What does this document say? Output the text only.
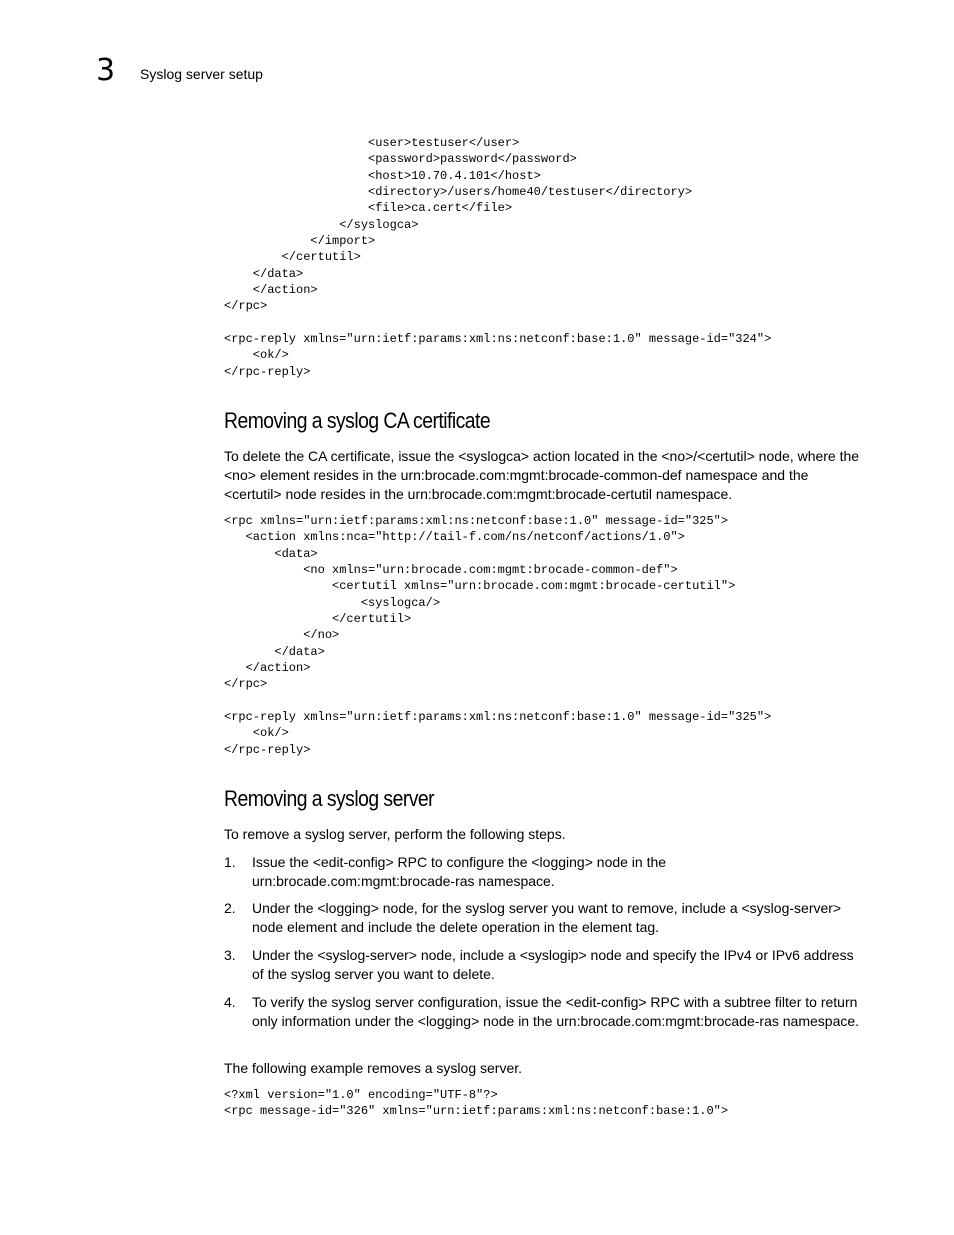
3 Syslog server setup
<user>testuser</user>
<password>password</password>
<host>10.70.4.101</host>
<directory>/users/home40/testuser</directory>
<file>ca.cert</file>
</syslogca>
</import>
</certutil>
</data>
</action>
</rpc>

<rpc-reply xmlns="urn:ietf:params:xml:ns:netconf:base:1.0" message-id="324">
<ok/>
</rpc-reply>
Removing a syslog CA certificate

To delete the CA certificate, issue the <syslogca> action located in the <no>/<certutil> node, where the <no> element resides in the urn:brocade.com:mgmt:brocade-common-def namespace and the <certutil> node resides in the urn:brocade.com:mgmt:brocade-certutil namespace.

<rpc xmlns="urn:ietf:params:xml:ns:netconf:base:1.0" message-id="325">
<action xmlns:nca="http://tail-f.com/ns/netconf/actions/1.0">
<data>
<no xmlns="urn:brocade.com:mgmt:brocade-common-def">
<certutil xmlns="urn:brocade.com:mgmt:brocade-certutil">
<syslogca/>
</certutil>
</no>
</data>
</action>
</rpc>

<rpc-reply xmlns="urn:ietf:params:xml:ns:netconf:base:1.0" message-id="325">
<ok/>
</rpc-reply>
Removing a syslog server

To remove a syslog server, perform the following steps.

1. Issue the <edit-config> RPC to configure the <logging> node in the urn:brocade.com:mgmt:brocade-ras namespace.
2. Under the <logging> node, for the syslog server you want to remove, include a <syslog-server> node element and include the delete operation in the element tag.
3. Under the <syslog-server> node, include a <syslogip> node and specify the IPv4 or IPv6 address of the syslog server you want to delete.
4. To verify the syslog server configuration, issue the <edit-config> RPC with a subtree filter to return only information under the <logging> node in the urn:brocade.com:mgmt:brocade-ras namespace.

The following example removes a syslog server.

<?xml version="1.0" encoding="UTF-8"?>
<rpc message-id="326" xmlns="urn:ietf:params:xml:ns:netconf:base:1.0">
